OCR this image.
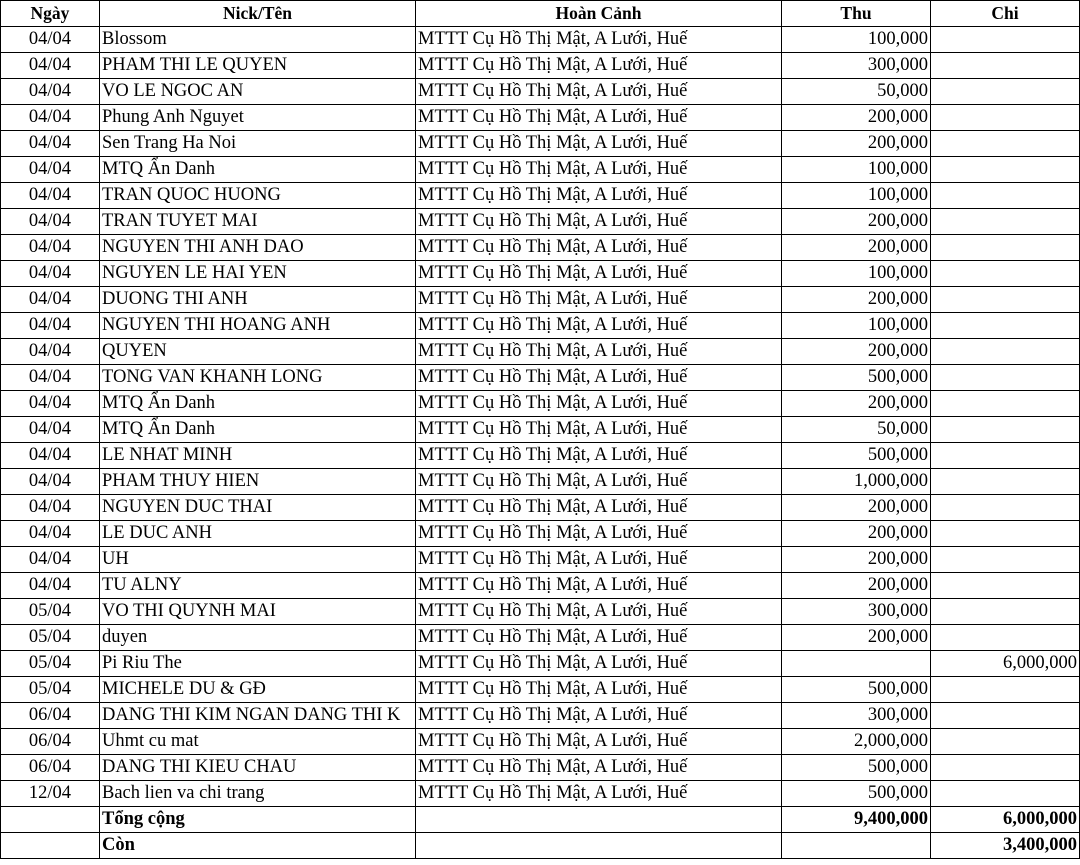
Ngày	Nick/Tên	Hoàn Cảnh	Thu	Chi
04/04	Blossom	MTTT Cụ Hồ Thị Mật, A Lưới, Huế	100,000	
04/04	PHAM THI LE QUYEN	MTTT Cụ Hồ Thị Mật, A Lưới, Huế	300,000	
04/04	VO LE NGOC AN	MTTT Cụ Hồ Thị Mật, A Lưới, Huế	50,000	
04/04	Phung Anh Nguyet	MTTT Cụ Hồ Thị Mật, A Lưới, Huế	200,000	
04/04	Sen Trang Ha Noi	MTTT Cụ Hồ Thị Mật, A Lưới, Huế	200,000	
04/04	MTQ Ẩn Danh	MTTT Cụ Hồ Thị Mật, A Lưới, Huế	100,000	
04/04	TRAN QUOC HUONG	MTTT Cụ Hồ Thị Mật, A Lưới, Huế	100,000	
04/04	TRAN TUYET MAI	MTTT Cụ Hồ Thị Mật, A Lưới, Huế	200,000	
04/04	NGUYEN THI ANH DAO	MTTT Cụ Hồ Thị Mật, A Lưới, Huế	200,000	
04/04	NGUYEN LE HAI YEN	MTTT Cụ Hồ Thị Mật, A Lưới, Huế	100,000	
04/04	DUONG THI ANH	MTTT Cụ Hồ Thị Mật, A Lưới, Huế	200,000	
04/04	NGUYEN THI HOANG ANH	MTTT Cụ Hồ Thị Mật, A Lưới, Huế	100,000	
04/04	QUYEN	MTTT Cụ Hồ Thị Mật, A Lưới, Huế	200,000	
04/04	TONG VAN KHANH LONG	MTTT Cụ Hồ Thị Mật, A Lưới, Huế	500,000	
04/04	MTQ Ẩn Danh	MTTT Cụ Hồ Thị Mật, A Lưới, Huế	200,000	
04/04	MTQ Ẩn Danh	MTTT Cụ Hồ Thị Mật, A Lưới, Huế	50,000	
04/04	LE NHAT MINH	MTTT Cụ Hồ Thị Mật, A Lưới, Huế	500,000	
04/04	PHAM THUY HIEN	MTTT Cụ Hồ Thị Mật, A Lưới, Huế	1,000,000	
04/04	NGUYEN DUC THAI	MTTT Cụ Hồ Thị Mật, A Lưới, Huế	200,000	
04/04	LE DUC ANH	MTTT Cụ Hồ Thị Mật, A Lưới, Huế	200,000	
04/04	UH	MTTT Cụ Hồ Thị Mật, A Lưới, Huế	200,000	
04/04	TU ALNY	MTTT Cụ Hồ Thị Mật, A Lưới, Huế	200,000	
05/04	VO THI QUYNH MAI	MTTT Cụ Hồ Thị Mật, A Lưới, Huế	300,000	
05/04	duyen	MTTT Cụ Hồ Thị Mật, A Lưới, Huế	200,000	
05/04	Pi Riu The	MTTT Cụ Hồ Thị Mật, A Lưới, Huế		6,000,000
05/04	MICHELE DU & GĐ	MTTT Cụ Hồ Thị Mật, A Lưới, Huế	500,000	
06/04	DANG THI KIM NGAN DANG THI K	MTTT Cụ Hồ Thị Mật, A Lưới, Huế	300,000	
06/04	Uhmt cu mat	MTTT Cụ Hồ Thị Mật, A Lưới, Huế	2,000,000	
06/04	DANG THI KIEU CHAU	MTTT Cụ Hồ Thị Mật, A Lưới, Huế	500,000	
12/04	Bach lien va chi trang	MTTT Cụ Hồ Thị Mật, A Lưới, Huế	500,000	
	Tổng cộng		9,400,000	6,000,000
	Còn			3,400,000
